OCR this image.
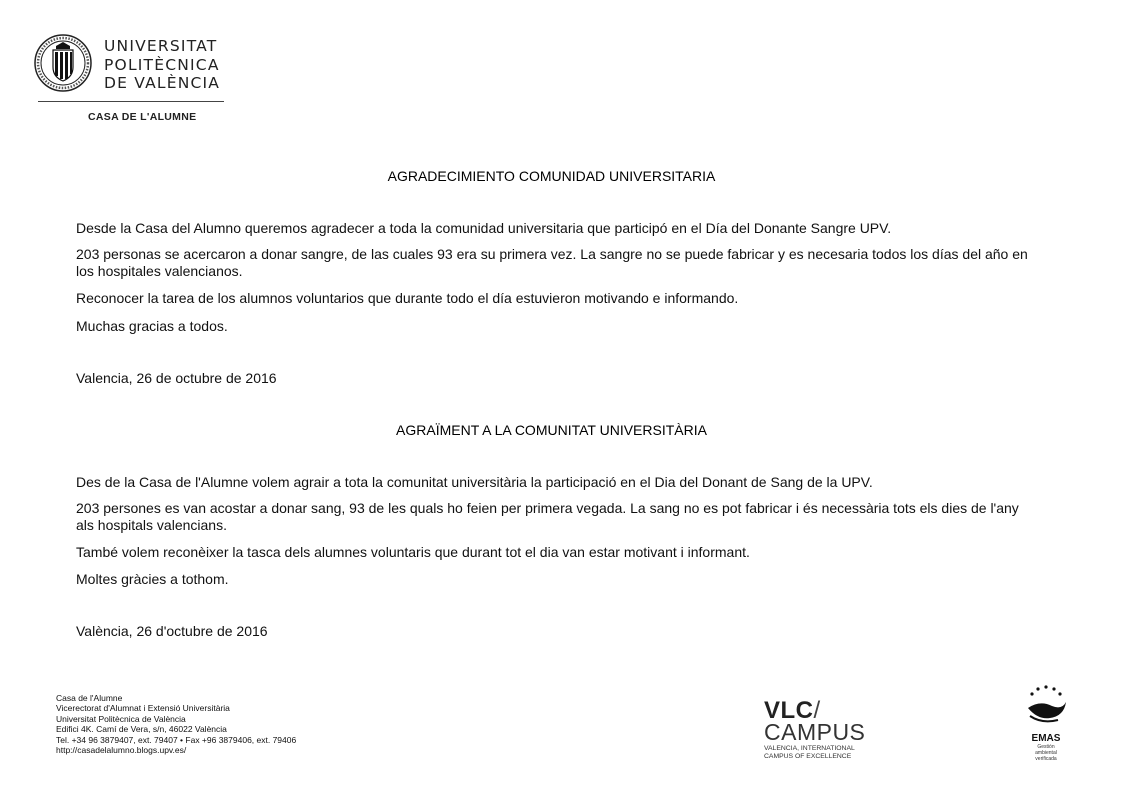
UNIVERSITAT
POLITÈCNICA
DE VALÈNCIA
CASA DE L'ALUMNE
AGRADECIMIENTO COMUNIDAD UNIVERSITARIA
Desde la Casa del Alumno queremos agradecer a toda la comunidad universitaria que participó en el Día del Donante Sangre UPV.
203 personas se acercaron a donar sangre, de las cuales 93 era su primera vez. La sangre no se puede fabricar y es necesaria todos los días del año en los hospitales valencianos.
Reconocer la tarea de los alumnos voluntarios que durante todo el día estuvieron motivando e informando.
Muchas gracias a todos.
Valencia, 26 de octubre de 2016
AGRAÏMENT A LA COMUNITAT UNIVERSITÀRIA
Des de la Casa de l'Alumne volem agrair a tota la comunitat universitària la participació en el Dia del Donant de Sang de la UPV.
203 persones es van acostar a donar sang, 93 de les quals ho feien per primera vegada. La sang no es pot fabricar i és necessària tots els dies de l'any als hospitals valencians.
També volem reconèixer la tasca dels alumnes voluntaris que durant tot el dia van estar motivant i informant.
Moltes gràcies a tothom.
València, 26 d'octubre de 2016
Casa de l'Alumne
Vicerectorat d'Alumnat i Extensió Universitària
Universitat Politècnica de València
Edifici 4K. Camí de Vera, s/n, 46022 València
Tel. +34 96 3879407, ext. 79407 • Fax +96 3879406, ext. 79406
http://casadelalumno.blogs.upv.es/
VLC/
CAMPUS
VALENCIA, INTERNATIONAL
CAMPUS OF EXCELLENCE
EMAS
Gestión
ambiental
verificada
